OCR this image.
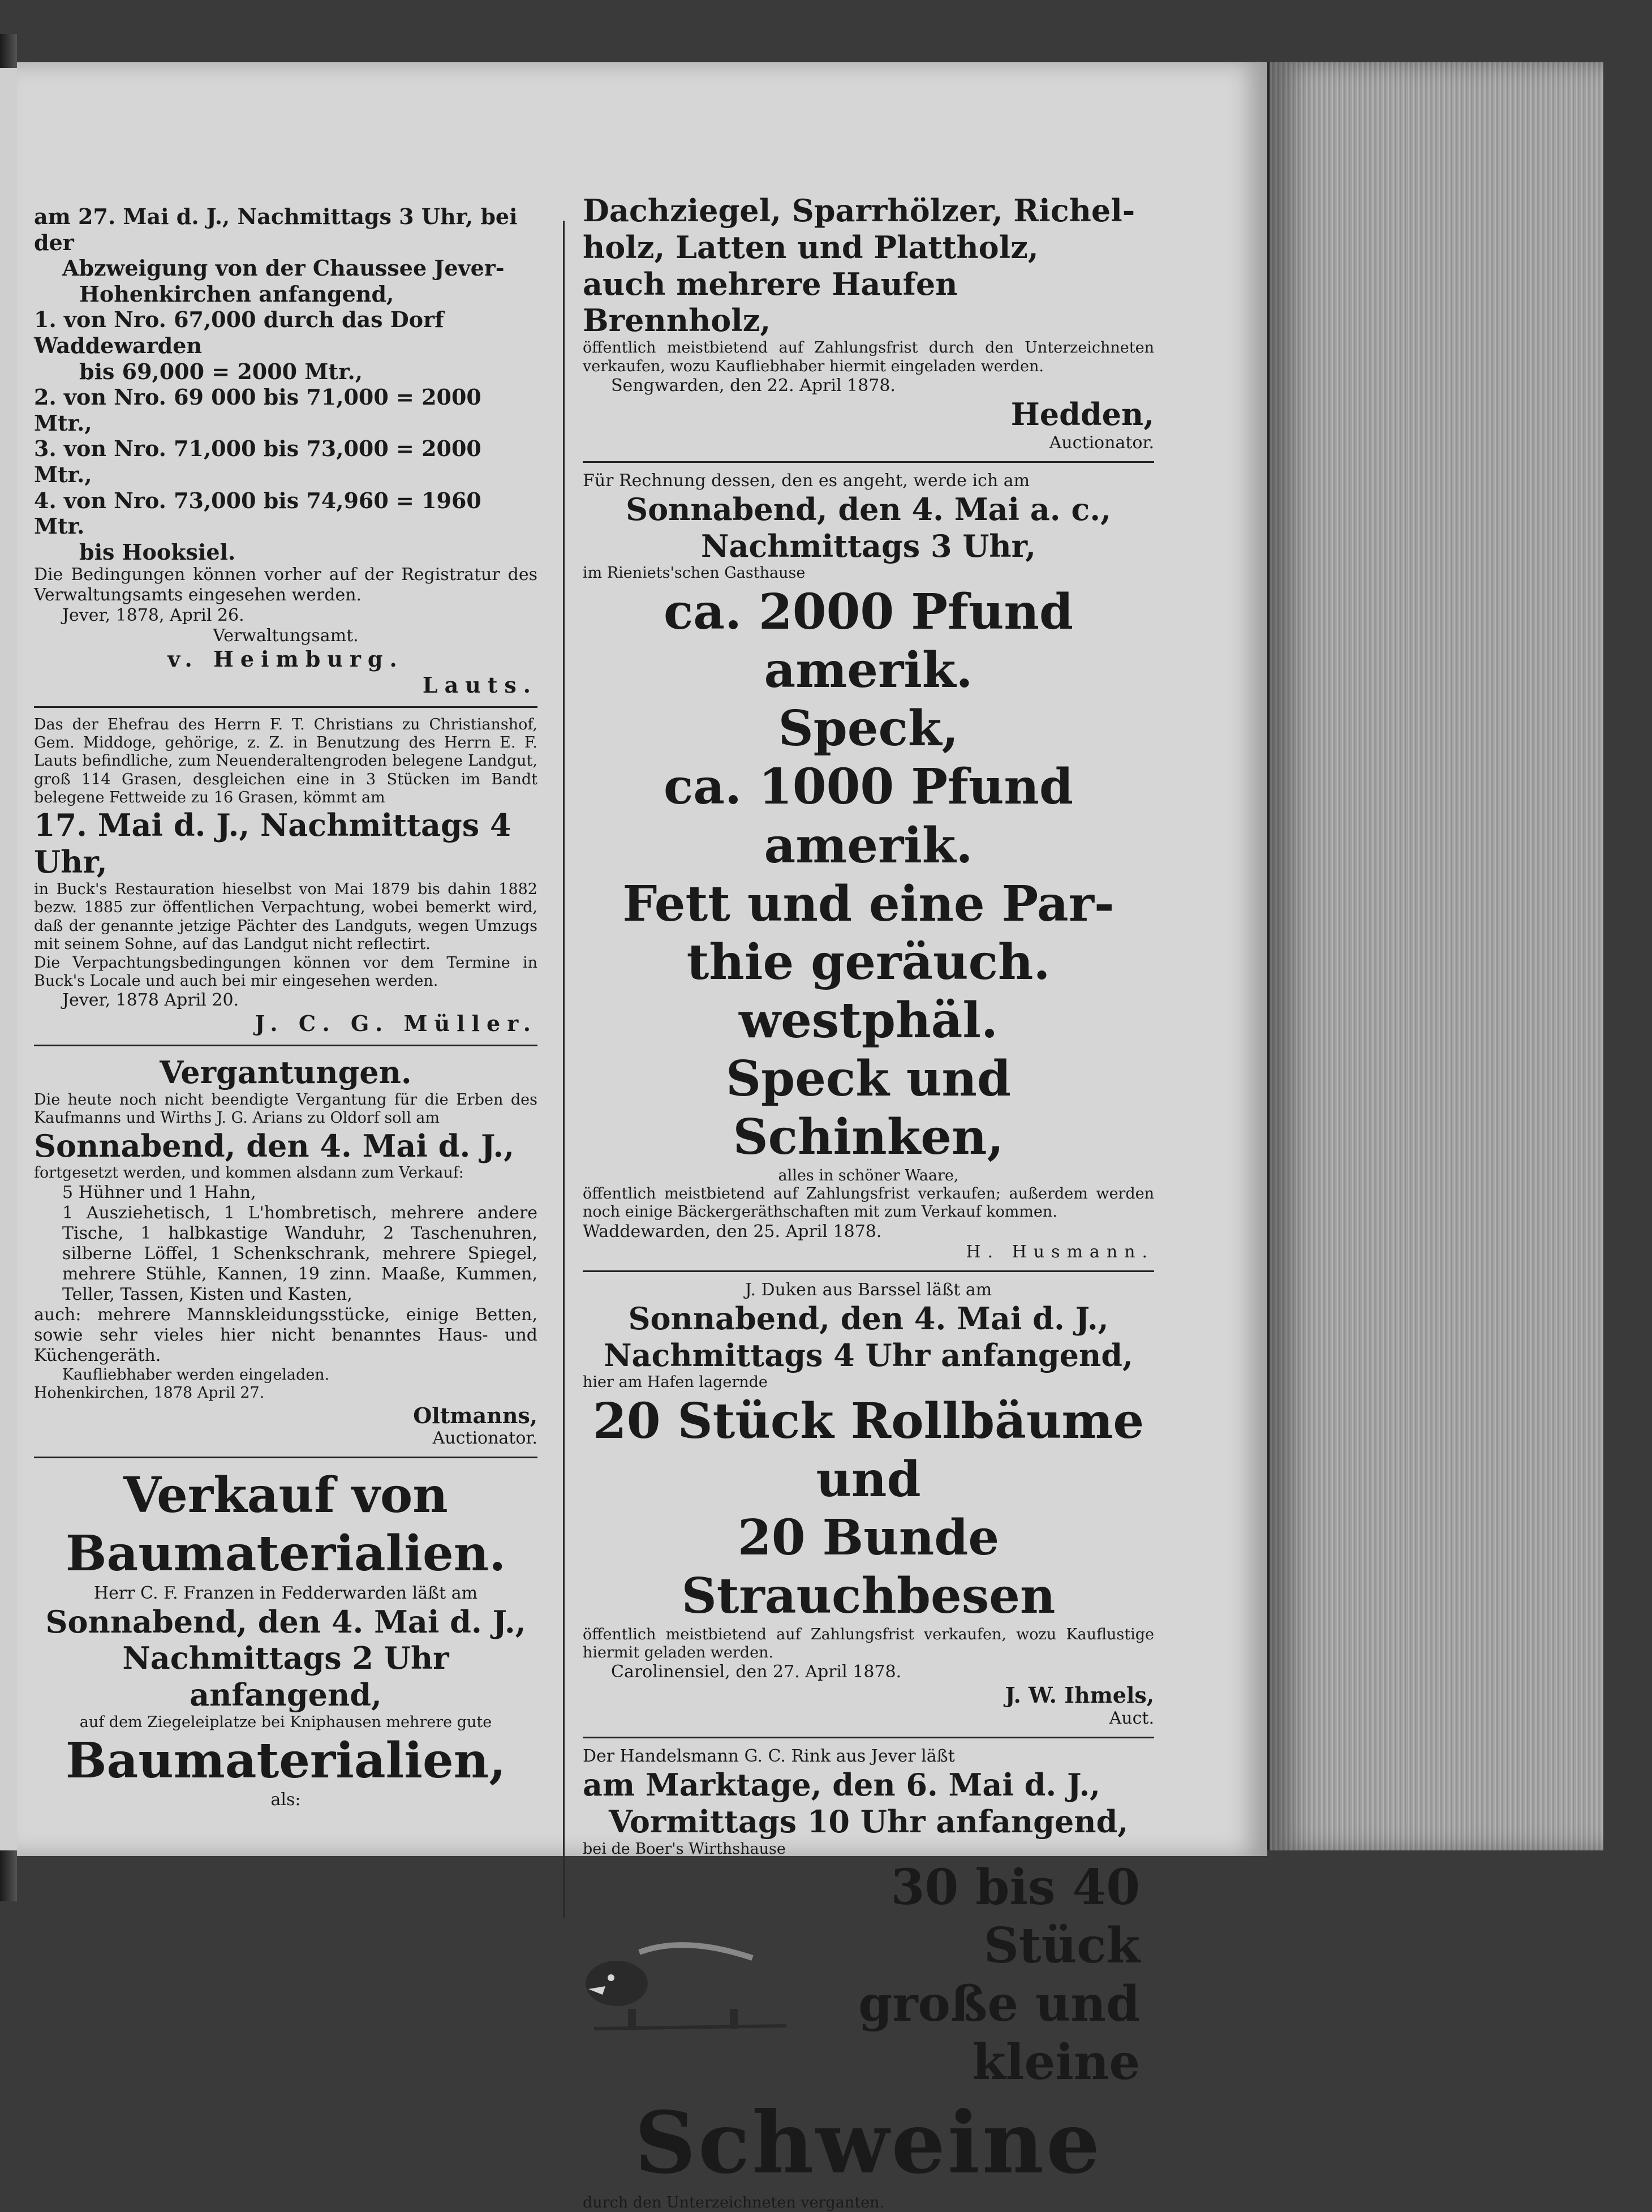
am 27. Mai d. J., Nachmittags 3 Uhr, bei der

Abzweigung von der Chaussee Jever-

Hohenkirchen anfangend,

1. von Nro. 67,000 durch das Dorf Waddewarden

bis 69,000 = 2000 Mtr.,

2. von Nro. 69 000 bis 71,000 = 2000 Mtr.,

3. von Nro. 71,000 bis 73,000 = 2000 Mtr.,

4. von Nro. 73,000 bis 74,960 = 1960 Mtr.

bis Hooksiel.

Die Bedingungen können vorher auf der Registratur des Verwaltungsamts eingesehen werden.

Jever, 1878, April 26.

Verwaltungsamt.

v. Heimburg.

Lauts.

Das der Ehefrau des Herrn F. T. Christians zu Christianshof, Gem. Middoge, gehörige, z. Z. in Benutzung des Herrn E. F. Lauts befindliche, zum Neuenderaltengroden belegene Landgut, groß 114 Grasen, desgleichen eine in 3 Stücken im Bandt belegene Fettweide zu 16 Grasen, kömmt am

17. Mai d. J., Nachmittags 4 Uhr,

in Buck's Restauration hieselbst von Mai 1879 bis dahin 1882 bezw. 1885 zur öffentlichen Verpachtung, wobei bemerkt wird, daß der genannte jetzige Pächter des Landguts, wegen Umzugs mit seinem Sohne, auf das Landgut nicht reflectirt.

Die Verpachtungsbedingungen können vor dem Termine in Buck's Locale und auch bei mir eingesehen werden.

Jever, 1878 April 20.

J. C. G. Müller.

Vergantungen.

Die heute noch nicht beendigte Vergantung für die Erben des Kaufmanns und Wirths J. G. Arians zu Oldorf soll am

Sonnabend, den 4. Mai d. J.,

fortgesetzt werden, und kommen alsdann zum Verkauf:

5 Hühner und 1 Hahn,

1 Ausziehetisch, 1 L'hombretisch, mehrere andere Tische, 1 halbkastige Wanduhr, 2 Taschenuhren, silberne Löffel, 1 Schenkschrank, mehrere Spiegel, mehrere Stühle, Kannen, 19 zinn. Maaße, Kummen, Teller, Tassen, Kisten und Kasten,

auch: mehrere Mannskleidungsstücke, einige Betten, sowie sehr vieles hier nicht benanntes Haus- und Küchengeräth.

Kaufliebhaber werden eingeladen.

Hohenkirchen, 1878 April 27.

Oltmanns,

Auctionator.

Verkauf von

Baumaterialien.

Herr C. F. Franzen in Fedderwarden läßt am

Sonnabend, den 4. Mai d. J.,

Nachmittags 2 Uhr anfangend,

auf dem Ziegeleiplatze bei Kniphausen mehrere gute

Baumaterialien,

als:

Dachziegel, Sparrhölzer, Richel-

holz, Latten und Plattholz,

auch mehrere Haufen Brennholz,

öffentlich meistbietend auf Zahlungsfrist durch den Unterzeichneten verkaufen, wozu Kaufliebhaber hiermit eingeladen werden.

Sengwarden, den 22. April 1878.

Hedden,

Auctionator.

Für Rechnung dessen, den es angeht, werde ich am

Sonnabend, den 4. Mai a. c.,

Nachmittags 3 Uhr,

im Rieniets'schen Gasthause

ca. 2000 Pfund amerik.

Speck,

ca. 1000 Pfund amerik.

Fett und eine Par-

thie geräuch. westphäl.

Speck und Schinken,

alles in schöner Waare,

öffentlich meistbietend auf Zahlungsfrist verkaufen; außerdem werden noch einige Bäckergeräthschaften mit zum Verkauf kommen.

Waddewarden, den 25. April 1878.

H. Husmann.

J. Duken aus Barssel läßt am

Sonnabend, den 4. Mai d. J.,

Nachmittags 4 Uhr anfangend,

hier am Hafen lagernde

20 Stück Rollbäume und

20 Bunde Strauchbesen

öffentlich meistbietend auf Zahlungsfrist verkaufen, wozu Kauflustige hiermit geladen werden.

Carolinensiel, den 27. April 1878.

J. W. Ihmels,

Auct.

Der Handelsmann G. C. Rink aus Jever läßt

am Marktage, den 6. Mai d. J.,

Vormittags 10 Uhr anfangend,

bei de Boer's Wirthshause

30 bis 40 Stück

große und kleine

Schweine

durch den Unterzeichneten verganten.
